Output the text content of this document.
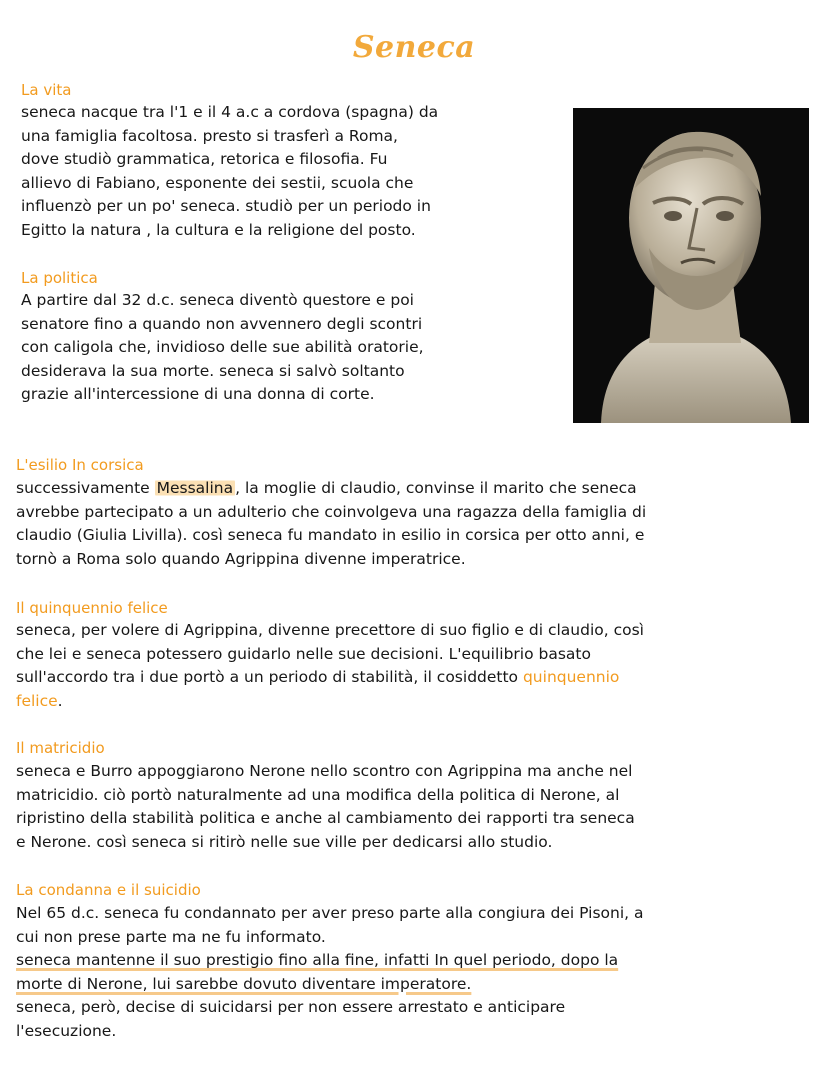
Seneca
La vita
seneca nacque tra l'1 e il 4 a.c a cordova (spagna) da
una famiglia facoltosa. presto si trasferì a Roma,
dove studiò grammatica, retorica e filosofia. Fu
allievo di Fabiano, esponente dei sestii, scuola che
influenzò per un po' seneca. studiò per un periodo in
Egitto la natura , la cultura e la religione del posto.
La politica
A partire dal 32 d.c. seneca diventò questore e poi
senatore fino a quando non avvennero degli scontri
con caligola che, invidioso delle sue abilità oratorie,
desiderava la sua morte. seneca si salvò soltanto
grazie all'intercessione di una donna di corte.
L'esilio In corsica
successivamente Messalina , la moglie di claudio, convinse il marito che seneca
avrebbe partecipato a un adulterio che coinvolgeva una ragazza della famiglia di
claudio (Giulia Livilla). così seneca fu mandato in esilio in corsica per otto anni, e
tornò a Roma solo quando Agrippina divenne imperatrice.
Il quinquennio felice
seneca, per volere di Agrippina, divenne precettore di suo figlio e di claudio, così
che lei e seneca potessero guidarlo nelle sue decisioni. L'equilibrio basato
sull'accordo tra i due portò a un periodo di stabilità, il cosiddetto quinquennio
felice.
Il matricidio
seneca e Burro appoggiarono Nerone nello scontro con Agrippina ma anche nel
matricidio. ciò portò naturalmente ad una modifica della politica di Nerone, al
ripristino della stabilità politica e anche al cambiamento dei rapporti tra seneca
e Nerone. così seneca si ritirò nelle sue ville per dedicarsi allo studio.
La condanna e il suicidio
Nel 65 d.c. seneca fu condannato per aver preso parte alla congiura dei Pisoni, a
cui non prese parte ma ne fu informato.
seneca mantenne il suo prestigio fino alla fine, infatti In quel periodo, dopo la
morte di Nerone, lui sarebbe dovuto diventare imperatore.
seneca, però, decise di suicidarsi per non essere arrestato e anticipare
l'esecuzione.
